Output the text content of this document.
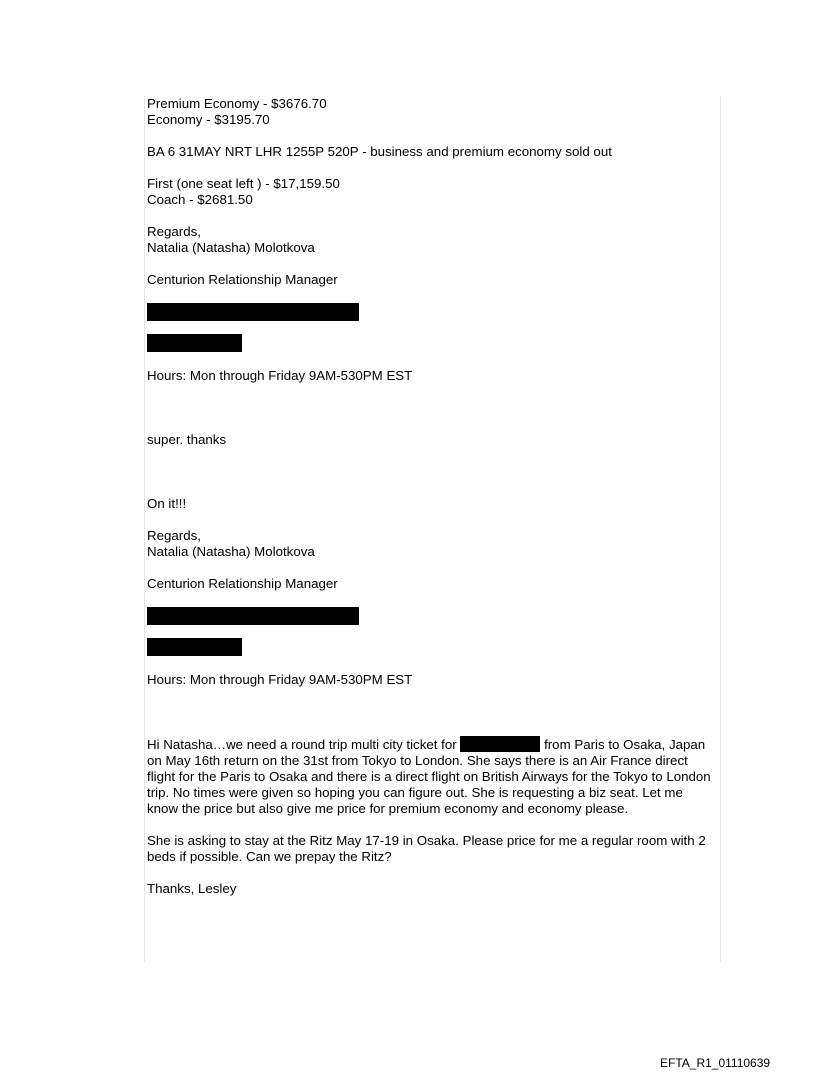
Premium Economy - $3676.70

Economy - $3195.70

BA 6 31MAY NRT LHR 1255P 520P - business and premium economy sold out

First (one seat left ) - $17,159.50

Coach - $2681.50

Regards,

Natalia (Natasha) Molotkova

Centurion Relationship Manager

Hours: Mon through Friday 9AM-530PM EST

super. thanks

On it!!!

Regards,

Natalia (Natasha) Molotkova

Centurion Relationship Manager

Hours: Mon through Friday 9AM-530PM EST

Hi Natasha…we need a round trip multi city ticket for	from Paris to Osaka, Japan on May 16th return on the 31st from Tokyo to London. She says there is an Air France direct flight for the Paris to Osaka and there is a direct flight on British Airways for the Tokyo to London trip. No times were given so hoping you can figure out. She is requesting a biz seat. Let me know the price but also give me price for premium economy and economy please.

She is asking to stay at the Ritz May 17-19 in Osaka. Please price for me a regular room with 2 beds if possible. Can we prepay the Ritz?

Thanks, Lesley

EFTA_R1_01110639
